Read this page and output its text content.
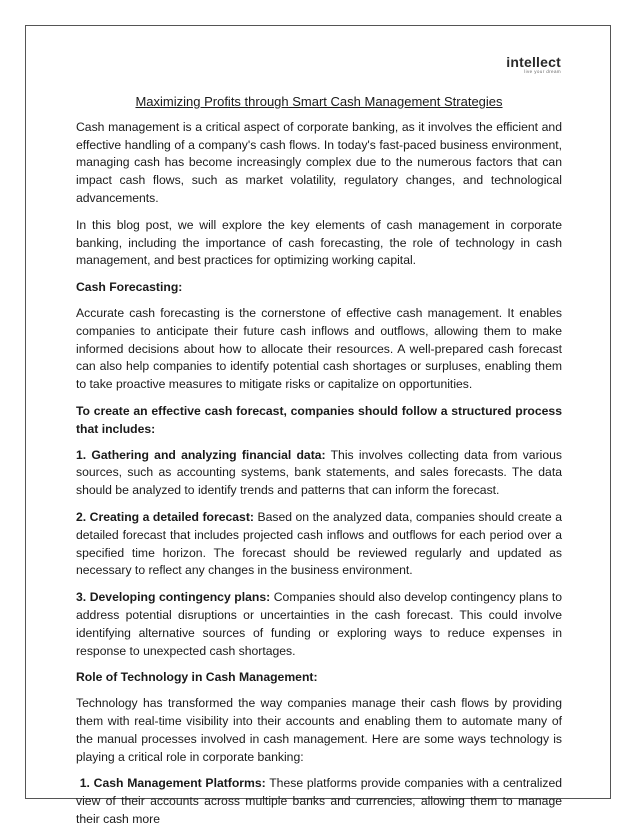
intellect
live your dream
Maximizing Profits through Smart Cash Management Strategies

Cash management is a critical aspect of corporate banking, as it involves the efficient and effective handling of a company's cash flows. In today's fast-paced business environment, managing cash has become increasingly complex due to the numerous factors that can impact cash flows, such as market volatility, regulatory changes, and technological advancements.

In this blog post, we will explore the key elements of cash management in corporate banking, including the importance of cash forecasting, the role of technology in cash management, and best practices for optimizing working capital.

Cash Forecasting:

Accurate cash forecasting is the cornerstone of effective cash management. It enables companies to anticipate their future cash inflows and outflows, allowing them to make informed decisions about how to allocate their resources. A well-prepared cash forecast can also help companies to identify potential cash shortages or surpluses, enabling them to take proactive measures to mitigate risks or capitalize on opportunities.

To create an effective cash forecast, companies should follow a structured process that includes:

1. Gathering and analyzing financial data: This involves collecting data from various sources, such as accounting systems, bank statements, and sales forecasts. The data should be analyzed to identify trends and patterns that can inform the forecast.

2. Creating a detailed forecast: Based on the analyzed data, companies should create a detailed forecast that includes projected cash inflows and outflows for each period over a specified time horizon. The forecast should be reviewed regularly and updated as necessary to reflect any changes in the business environment.

3. Developing contingency plans: Companies should also develop contingency plans to address potential disruptions or uncertainties in the cash forecast. This could involve identifying alternative sources of funding or exploring ways to reduce expenses in response to unexpected cash shortages.

Role of Technology in Cash Management:

Technology has transformed the way companies manage their cash flows by providing them with real-time visibility into their accounts and enabling them to automate many of the manual processes involved in cash management. Here are some ways technology is playing a critical role in corporate banking:

1. Cash Management Platforms: These platforms provide companies with a centralized view of their accounts across multiple banks and currencies, allowing them to manage their cash more
